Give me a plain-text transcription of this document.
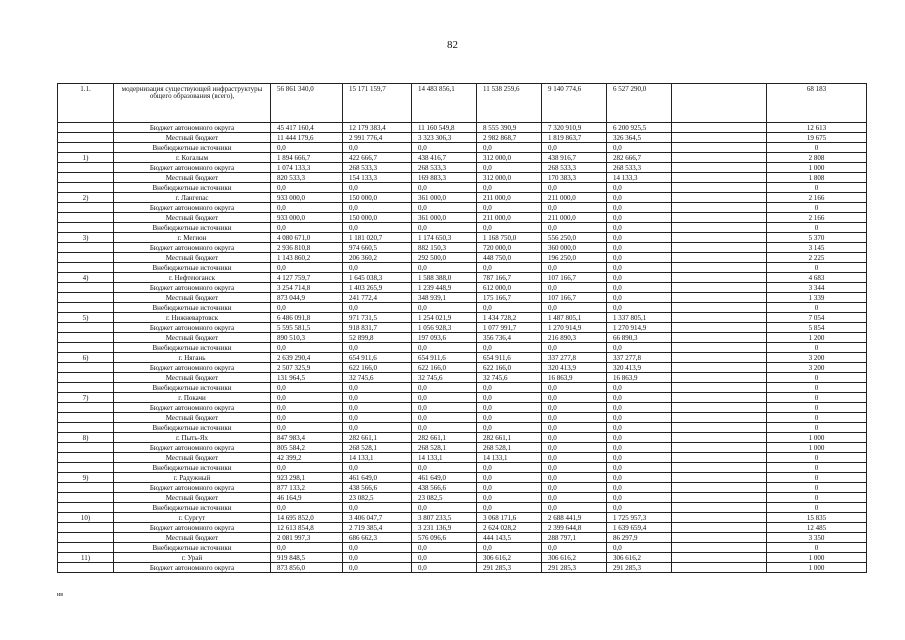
82
1.1.	модернизация существующей инфраструктуры общего образования (всего),	56 861 340,0	15 171 159,7	14 483 856,1	11 538 259,6	9 140 774,6	6 527 290,0		68 183
	Бюджет автономного округа	45 417 160,4	12 179 383,4	11 160 549,8	8 555 390,9	7 320 910,9	6 200 925,5		12 613
	Местный бюджет	11 444 179,6	2 991 776,4	3 323 306,3	2 982 868,7	1 819 863,7	326 364,5		19 675
	Внебюджетные источники	0,0	0,0	0,0	0,0	0,0	0,0		0
1)	г. Когалым	1 894 666,7	422 666,7	438 416,7	312 000,0	438 916,7	282 666,7		2 808
	Бюджет автономного округа	1 074 133,3	268 533,3	268 533,3	0,0	268 533,3	268 533,3		1 000
	Местный бюджет	820 533,3	154 133,3	169 883,3	312 000,0	170 383,3	14 133,3		1 808
	Внебюджетные источники	0,0	0,0	0,0	0,0	0,0	0,0		0
2)	г. Лангепас	933 000,0	150 000,0	361 000,0	211 000,0	211 000,0	0,0		2 166
	Бюджет автономного округа	0,0	0,0	0,0	0,0	0,0	0,0		0
	Местный бюджет	933 000,0	150 000,0	361 000,0	211 000,0	211 000,0	0,0		2 166
	Внебюджетные источники	0,0	0,0	0,0	0,0	0,0	0,0		0
3)	г. Мегион	4 080 671,0	1 181 020,7	1 174 650,3	1 168 750,0	556 250,0	0,0		5 370
	Бюджет автономного округа	2 936 810,8	974 660,5	882 150,3	720 000,0	360 000,0	0,0		3 145
	Местный бюджет	1 143 860,2	206 360,2	292 500,0	448 750,0	196 250,0	0,0		2 225
	Внебюджетные источники	0,0	0,0	0,0	0,0	0,0	0,0		0
4)	г. Нефтеюганск	4 127 759,7	1 645 038,3	1 588 388,0	787 166,7	107 166,7	0,0		4 683
	Бюджет автономного округа	3 254 714,8	1 403 265,9	1 239 448,9	612 000,0	0,0	0,0		3 344
	Местный бюджет	873 044,9	241 772,4	348 939,1	175 166,7	107 166,7	0,0		1 339
	Внебюджетные источники	0,0	0,0	0,0	0,0	0,0	0,0		0
5)	г. Нижневартовск	6 486 091,8	971 731,5	1 254 021,9	1 434 728,2	1 487 805,1	1 337 805,1		7 054
	Бюджет автономного округа	5 595 581,5	918 831,7	1 056 928,3	1 077 991,7	1 270 914,9	1 270 914,9		5 854
	Местный бюджет	890 510,3	52 899,8	197 093,6	356 736,4	216 890,3	66 890,3		1 200
	Внебюджетные источники	0,0	0,0	0,0	0,0	0,0	0,0		0
6)	г. Нягань	2 639 290,4	654 911,6	654 911,6	654 911,6	337 277,8	337 277,8		3 200
	Бюджет автономного округа	2 507 325,9	622 166,0	622 166,0	622 166,0	320 413,9	320 413,9		3 200
	Местный бюджет	131 964,5	32 745,6	32 745,6	32 745,6	16 863,9	16 863,9		0
	Внебюджетные источники	0,0	0,0	0,0	0,0	0,0	0,0		0
7)	г. Покачи	0,0	0,0	0,0	0,0	0,0	0,0		0
	Бюджет автономного округа	0,0	0,0	0,0	0,0	0,0	0,0		0
	Местный бюджет	0,0	0,0	0,0	0,0	0,0	0,0		0
	Внебюджетные источники	0,0	0,0	0,0	0,0	0,0	0,0		0
8)	г. Пыть-Ях	847 983,4	282 661,1	282 661,1	282 661,1	0,0	0,0		1 000
	Бюджет автономного округа	805 584,2	268 528,1	268 528,1	268 528,1	0,0	0,0		1 000
	Местный бюджет	42 399,2	14 133,1	14 133,1	14 133,1	0,0	0,0		0
	Внебюджетные источники	0,0	0,0	0,0	0,0	0,0	0,0		0
9)	г. Радужный	923 298,1	461 649,0	461 649,0	0,0	0,0	0,0		0
	Бюджет автономного округа	877 133,2	438 566,6	438 566,6	0,0	0,0	0,0		0
	Местный бюджет	46 164,9	23 082,5	23 082,5	0,0	0,0	0,0		0
	Внебюджетные источники	0,0	0,0	0,0	0,0	0,0	0,0		0
10)	г. Сургут	14 695 852,0	3 406 047,7	3 807 233,5	3 068 171,6	2 688 441,9	1 725 957,3		15 835
	Бюджет автономного округа	12 613 854,8	2 719 385,4	3 231 136,9	2 624 028,2	2 399 644,8	1 639 659,4		12 485
	Местный бюджет	2 081 997,3	686 662,3	576 096,6	444 143,5	288 797,1	86 297,9		3 350
	Внебюджетные источники	0,0	0,0	0,0	0,0	0,0	0,0		0
11)	г. Урай	919 848,5	0,0	0,0	306 616,2	306 616,2	306 616,2		1 000
	Бюджет автономного округа	873 856,0	0,0	0,0	291 285,3	291 285,3	291 285,3		1 000
ив
